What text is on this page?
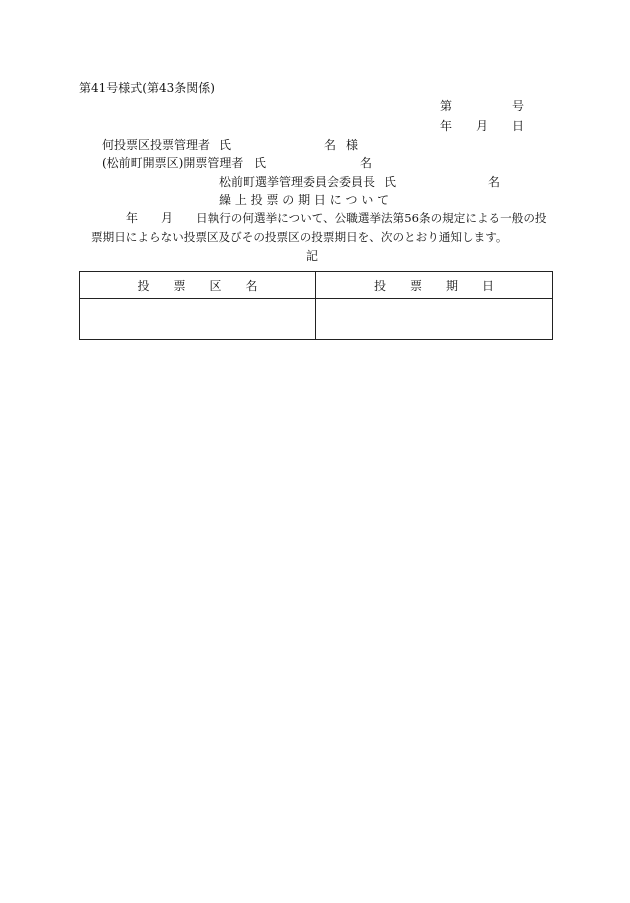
第41号様式(第43条関係)
第	号
年 月 日
何投票区投票管理者 氏	名 様
(松前町開票区)開票管理者 氏	名
松前町選挙管理委員会委員長 氏	名
繰 上 投 票 の 期 日 に つ い て
年 月 日執行の何選挙について、公職選挙法第56条の規定による一般の投
票期日によらない投票区及びその投票区の投票期日を、次のとおり通知します。
記
投　　票　　区　　名	投　　票　　期　　日
